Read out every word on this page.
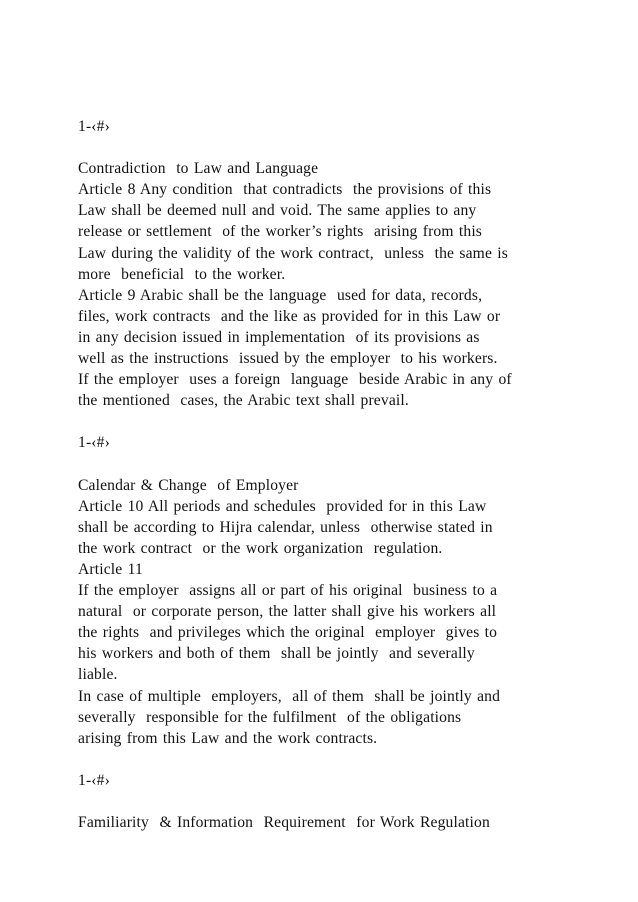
1-‹#›
Contradiction  to Law and Language
Article 8 Any condition  that contradicts  the provisions of this
Law shall be deemed null and void. The same applies to any
release or settlement  of the worker’s rights  arising from this
Law during the validity of the work contract,  unless  the same is
more  beneficial  to the worker.
Article 9 Arabic shall be the language  used for data, records,
files, work contracts  and the like as provided for in this Law or
in any decision issued in implementation  of its provisions as
well as the instructions  issued by the employer  to his workers.
If the employer  uses a foreign  language  beside Arabic in any of
the mentioned  cases, the Arabic text shall prevail.
1-‹#›
Calendar & Change  of Employer
Article 10 All periods and schedules  provided for in this Law
shall be according to Hijra calendar, unless  otherwise stated in
the work contract  or the work organization  regulation.
Article 11
If the employer  assigns all or part of his original  business to a
natural  or corporate person, the latter shall give his workers all
the rights  and privileges which the original  employer  gives to
his workers and both of them  shall be jointly  and severally
liable.
In case of multiple  employers,  all of them  shall be jointly and
severally  responsible for the fulfilment  of the obligations
arising from this Law and the work contracts.
1-‹#›
Familiarity  & Information  Requirement  for Work Regulation
